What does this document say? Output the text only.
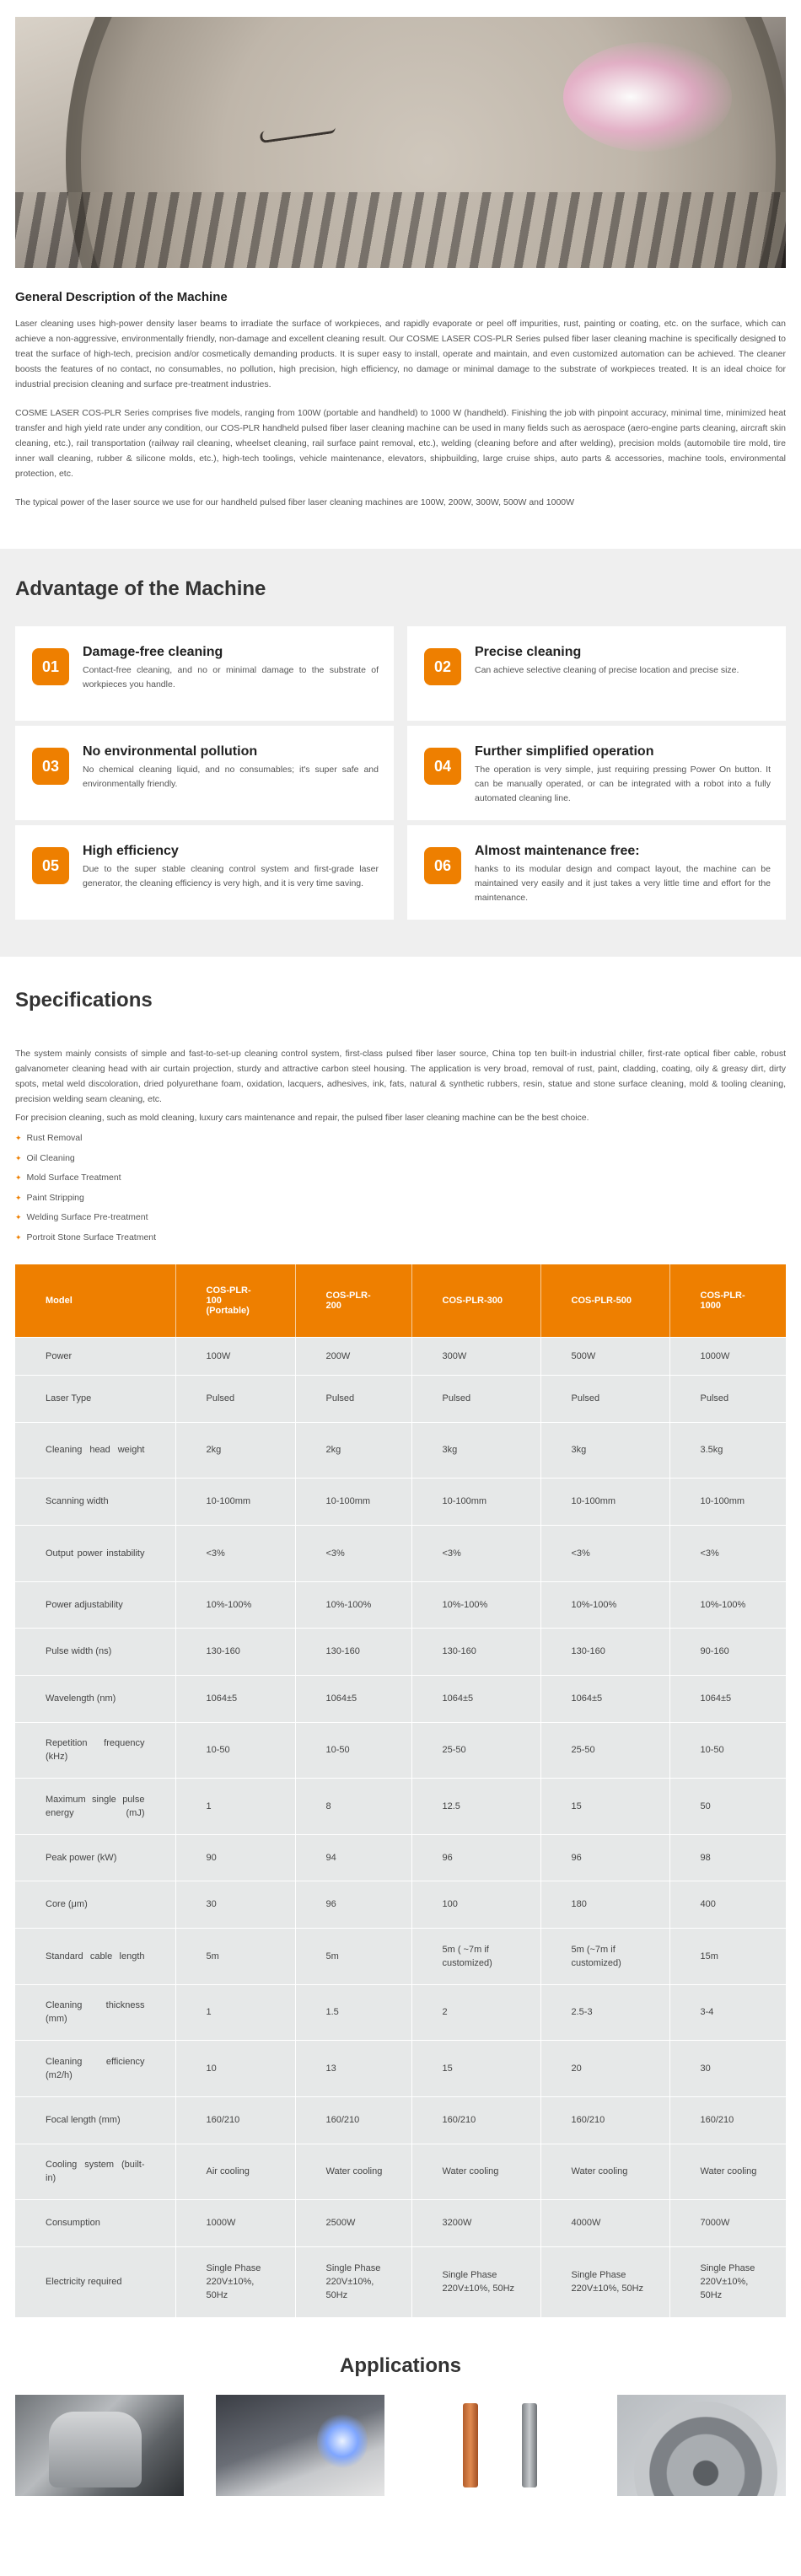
General Description of the Machine

Laser cleaning uses high-power density laser beams to irradiate the surface of workpieces, and rapidly evaporate or peel off impurities, rust, painting or coating, etc. on the surface, which can achieve a non-aggressive, environmentally friendly, non-damage and excellent cleaning result. Our COSME LASER COS-PLR Series pulsed fiber laser cleaning machine is specifically designed to treat the surface of high-tech, precision and/or cosmetically demanding products. It is super easy to install, operate and maintain, and even customized automation can be achieved. The cleaner boosts the features of no contact, no consumables, no pollution, high precision, high efficiency, no damage or minimal damage to the substrate of workpieces treated. It is an ideal choice for industrial precision cleaning and surface pre-treatment industries.

COSME LASER COS-PLR Series comprises five models, ranging from 100W (portable and handheld) to 1000 W (handheld). Finishing the job with pinpoint accuracy, minimal time, minimized heat transfer and high yield rate under any condition, our COS-PLR handheld pulsed fiber laser cleaning machine can be used in many fields such as aerospace (aero-engine parts cleaning, aircraft skin cleaning, etc.), rail transportation (railway rail cleaning, wheelset cleaning, rail surface paint removal, etc.), welding (cleaning before and after welding), precision molds (automobile tire mold, tire inner wall cleaning, rubber & silicone molds, etc.), high-tech toolings, vehicle maintenance, elevators, shipbuilding, large cruise ships, auto parts & accessories, machine tools, environmental protection, etc.

The typical power of the laser source we use for our handheld pulsed fiber laser cleaning machines are 100W, 200W, 300W, 500W and 1000W

Advantage of the Machine
01
Damage-free cleaning

Contact-free cleaning, and no or minimal damage to the substrate of workpieces you handle.

02
Precise cleaning

Can achieve selective cleaning of precise location and precise size.

03
No environmental pollution

No chemical cleaning liquid, and no consumables; it's super safe and environmentally friendly.

04
Further simplified operation

The operation is very simple, just requiring pressing Power On button. It can be manually operated, or can be integrated with a robot into a fully automated cleaning line.

05
High efficiency

Due to the super stable cleaning control system and first-grade laser generator, the cleaning efficiency is very high, and it is very time saving.

06
Almost maintenance free:

hanks to its modular design and compact layout, the machine can be maintained very easily and it just takes a very little time and effort for the maintenance.

Specifications

The system mainly consists of simple and fast-to-set-up cleaning control system, first-class pulsed fiber laser source, China top ten built-in industrial chiller, first-rate optical fiber cable, robust galvanometer cleaning head with air curtain projection, sturdy and attractive carbon steel housing. The application is very broad, removal of rust, paint, cladding, coating, oily & greasy dirt, dirty spots, metal weld discoloration, dried polyurethane foam, oxidation, lacquers, adhesives, ink, fats, natural & synthetic rubbers, resin, statue and stone surface cleaning, mold & tooling cleaning, precision welding seam cleaning, etc.

For precision cleaning, such as mold cleaning, luxury cars maintenance and repair, the pulsed fiber laser cleaning machine can be the best choice.

✦ Rust Removal
✦ Oil Cleaning
✦ Mold Surface Treatment
✦ Paint Stripping
✦ Welding Surface Pre-treatment
✦ Portroit Stone Surface Treatment
Model	COS-PLR-100 (Portable)	COS-PLR-200	COS-PLR-300	COS-PLR-500	COS-PLR-1000
Power	100W	200W	300W	500W	1000W
Laser Type	Pulsed	Pulsed	Pulsed	Pulsed	Pulsed
Cleaning head weight	2kg	2kg	3kg	3kg	3.5kg
Scanning width	10-100mm	10-100mm	10-100mm	10-100mm	10-100mm
Output power instability	<3%	<3%	<3%	<3%	<3%
Power adjustability	10%-100%	10%-100%	10%-100%	10%-100%	10%-100%
Pulse width (ns)	130-160	130-160	130-160	130-160	90-160
Wavelength (nm)	1064±5	1064±5	1064±5	1064±5	1064±5
Repetition frequency (kHz)	10-50	10-50	25-50	25-50	10-50
Maximum single pulse energy (mJ)	1	8	12.5	15	50
Peak power (kW)	90	94	96	96	98
Core (μm)	30	96	100	180	400
Standard cable length	5m	5m	5m ( ~7m if customized)	5m (~7m if customized)	15m
Cleaning thickness (mm)	1	1.5	2	2.5-3	3-4
Cleaning efficiency (m2/h)	10	13	15	20	30
Focal length (mm)	160/210	160/210	160/210	160/210	160/210
Cooling system (built-in)	Air cooling	Water cooling	Water cooling	Water cooling	Water cooling
Consumption	1000W	2500W	3200W	4000W	7000W
Electricity required	Single Phase 220V±10%, 50Hz	Single Phase 220V±10%, 50Hz	Single Phase 220V±10%, 50Hz	Single Phase 220V±10%, 50Hz	Single Phase 220V±10%, 50Hz
Applications
